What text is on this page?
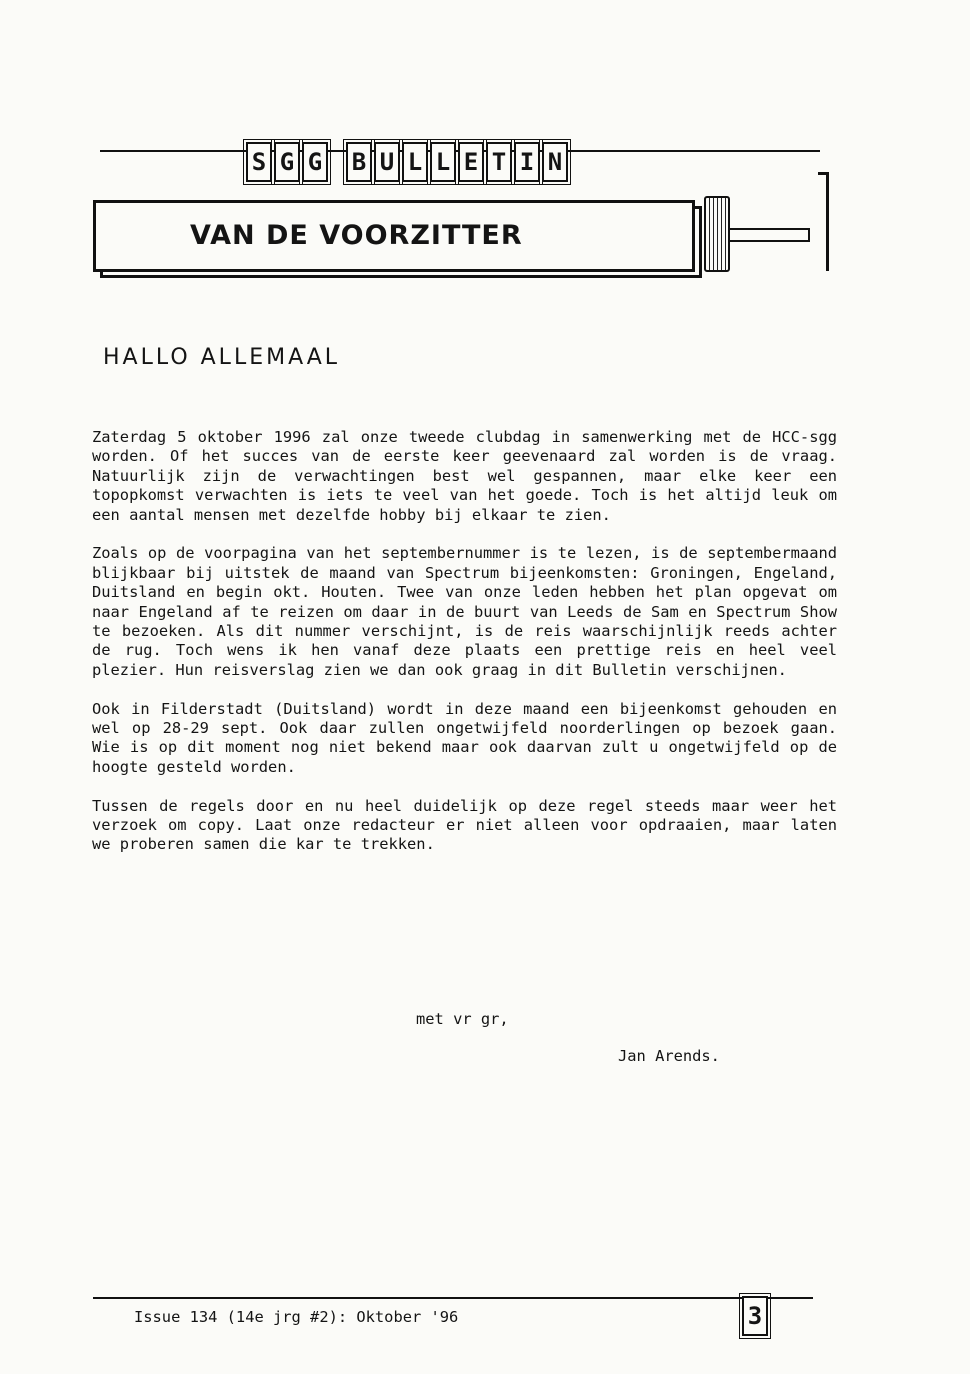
S G G B U L L E T I N
VAN DE VOORZITTER
HALLO ALLEMAAL

Zaterdag 5 oktober 1996 zal onze tweede clubdag in samenwerking met de HCC-sgg worden. Of het succes van de eerste keer geevenaard zal worden is de vraag. Natuurlijk zijn de verwachtingen best wel gespannen, maar elke keer een topopkomst verwachten is iets te veel van het goede. Toch is het altijd leuk om een aantal mensen met dezelfde hobby bij elkaar te zien.

Zoals op de voorpagina van het septembernummer is te lezen, is de septembermaand blijkbaar bij uitstek de maand van Spectrum bijeenkomsten: Groningen, Engeland, Duitsland en begin okt. Houten. Twee van onze leden hebben het plan opgevat om naar Engeland af te reizen om daar in de buurt van Leeds de Sam en Spectrum Show te bezoeken. Als dit nummer verschijnt, is de reis waarschijnlijk reeds achter de rug. Toch wens ik hen vanaf deze plaats een prettige reis en heel veel plezier. Hun reisverslag zien we dan ook graag in dit Bulletin verschijnen.

Ook in Filderstadt (Duitsland) wordt in deze maand een bijeenkomst gehouden en wel op 28-29 sept. Ook daar zullen ongetwijfeld noorderlingen op bezoek gaan. Wie is op dit moment nog niet bekend maar ook daarvan zult u ongetwijfeld op de hoogte gesteld worden.

Tussen de regels door en nu heel duidelijk op deze regel steeds maar weer het verzoek om copy. Laat onze redacteur er niet alleen voor opdraaien, maar laten we proberen samen die kar te trekken.

met vr gr,
Jan Arends.
Issue 134 (14e jrg #2): Oktober '96	3
